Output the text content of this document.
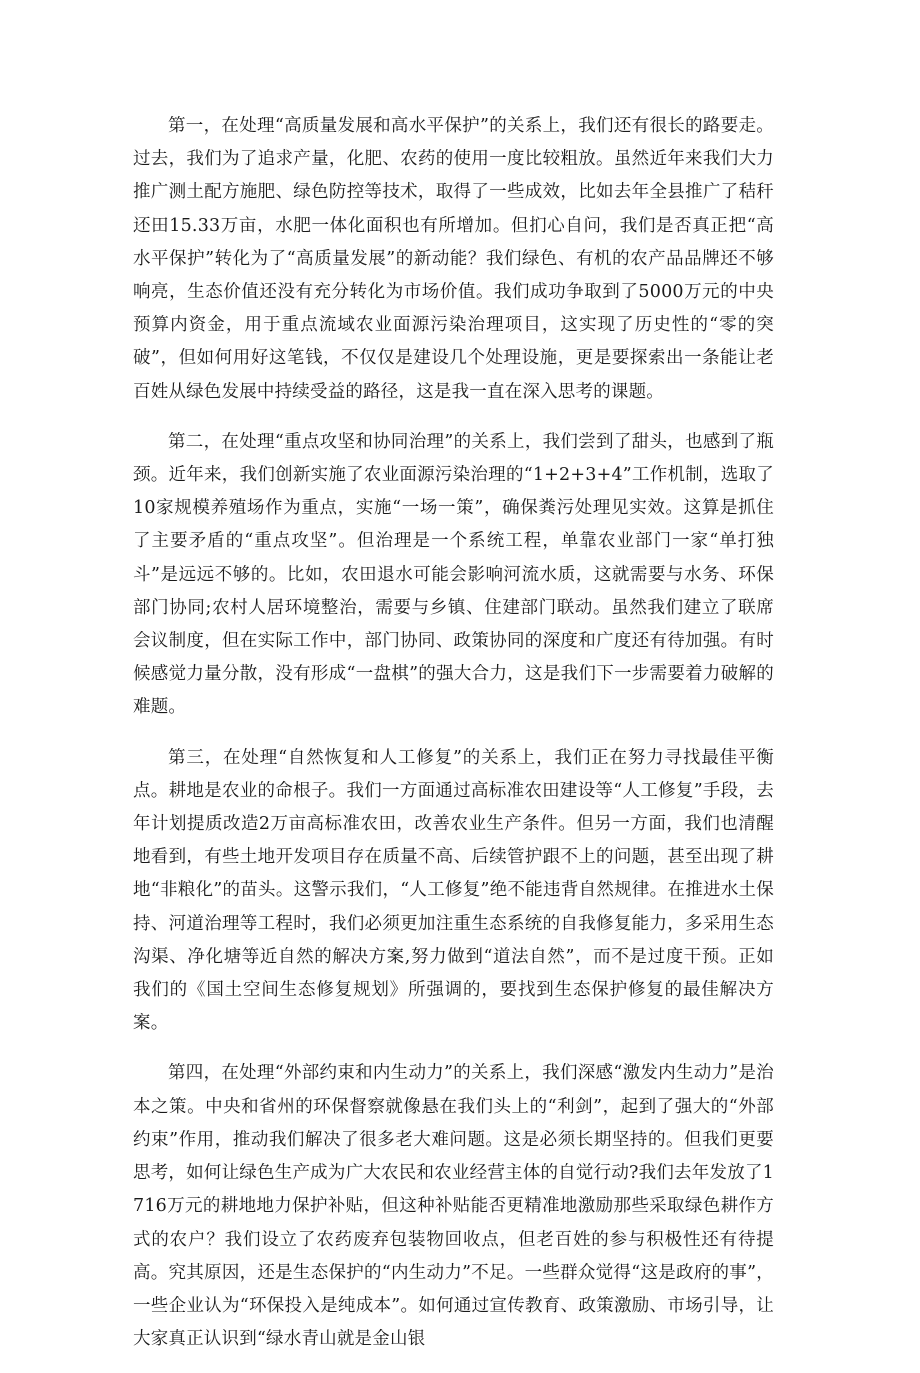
第一，在处理“高质量发展和高水平保护”的关系上，我们还有很长的路要走。过去，我们为了追求产量，化肥、农药的使用一度比较粗放。虽然近年来我们大力推广测土配方施肥、绿色防控等技术，取得了一些成效，比如去年全县推广了秸秆还田15.33万亩，水肥一体化面积也有所增加。但扪心自问，我们是否真正把“高水平保护”转化为了“高质量发展”的新动能？我们绿色、有机的农产品品牌还不够响亮，生态价值还没有充分转化为市场价值。我们成功争取到了5000万元的中央预算内资金，用于重点流域农业面源污染治理项目，这实现了历史性的“零的突破”，但如何用好这笔钱，不仅仅是建设几个处理设施，更是要探索出一条能让老百姓从绿色发展中持续受益的路径，这是我一直在深入思考的课题。

第二，在处理“重点攻坚和协同治理”的关系上，我们尝到了甜头，也感到了瓶颈。近年来，我们创新实施了农业面源污染治理的“1+2+3+4”工作机制，选取了10家规模养殖场作为重点，实施“一场一策”，确保粪污处理见实效。这算是抓住了主要矛盾的“重点攻坚”。但治理是一个系统工程，单靠农业部门一家“单打独斗”是远远不够的。比如，农田退水可能会影响河流水质，这就需要与水务、环保部门协同;农村人居环境整治，需要与乡镇、住建部门联动。虽然我们建立了联席会议制度，但在实际工作中，部门协同、政策协同的深度和广度还有待加强。有时候感觉力量分散，没有形成“一盘棋”的强大合力，这是我们下一步需要着力破解的难题。

第三，在处理“自然恢复和人工修复”的关系上，我们正在努力寻找最佳平衡点。耕地是农业的命根子。我们一方面通过高标准农田建设等“人工修复”手段，去年计划提质改造2万亩高标准农田，改善农业生产条件。但另一方面，我们也清醒地看到，有些土地开发项目存在质量不高、后续管护跟不上的问题，甚至出现了耕地“非粮化”的苗头。这警示我们，“人工修复”绝不能违背自然规律。在推进水土保持、河道治理等工程时，我们必须更加注重生态系统的自我修复能力，多采用生态沟渠、净化塘等近自然的解决方案,努力做到“道法自然”，而不是过度干预。正如我们的《国土空间生态修复规划》所强调的，要找到生态保护修复的最佳解决方案。

第四，在处理“外部约束和内生动力”的关系上，我们深感“激发内生动力”是治本之策。中央和省州的环保督察就像悬在我们头上的“利剑”，起到了强大的“外部约束”作用，推动我们解决了很多老大难问题。这是必须长期坚持的。但我们更要思考，如何让绿色生产成为广大农民和农业经营主体的自觉行动?我们去年发放了1716万元的耕地地力保护补贴，但这种补贴能否更精准地激励那些采取绿色耕作方式的农户？我们设立了农药废弃包装物回收点，但老百姓的参与积极性还有待提高。究其原因，还是生态保护的“内生动力”不足。一些群众觉得“这是政府的事”，一些企业认为“环保投入是纯成本”。如何通过宣传教育、政策激励、市场引导，让大家真正认识到“绿水青山就是金山银
